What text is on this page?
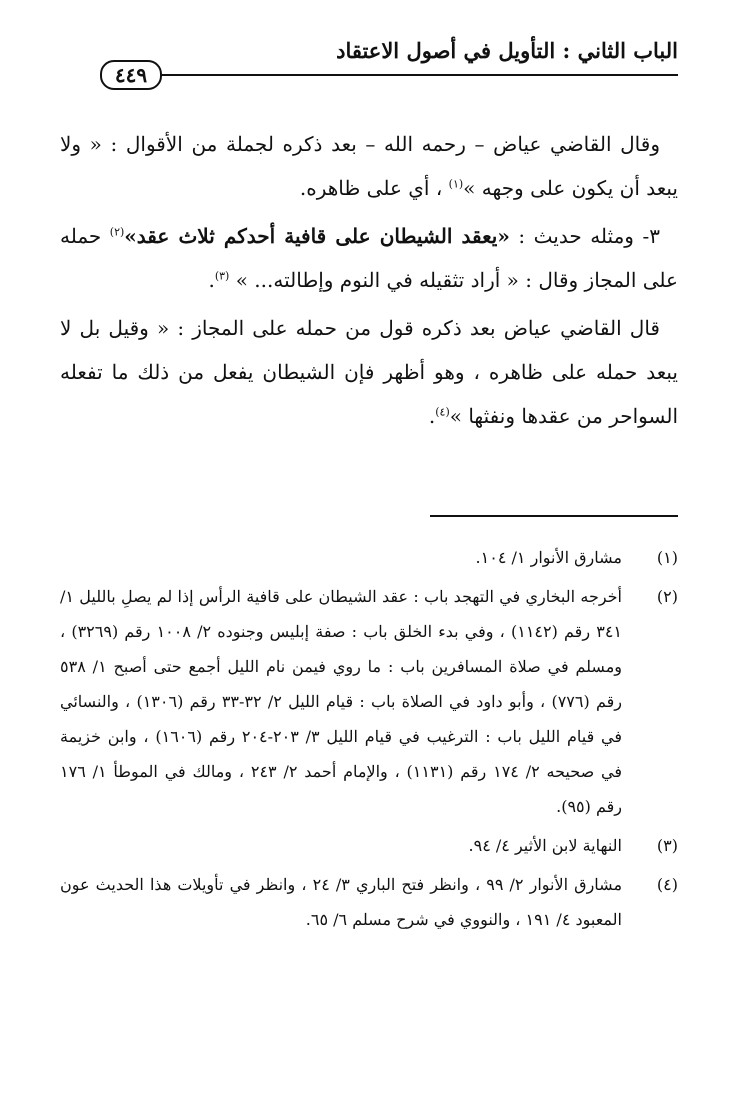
الباب الثاني : التأويل في أصول الاعتقاد
٤٤٩

وقال القاضي عياض – رحمه الله – بعد ذكره لجملة من الأقوال : « ولا يبعد أن يكون على وجهه »$^{(١)}$ ، أي على ظاهره.

٣- ومثله حديث : «يعقد الشيطان على قافية أحدكم ثلاث عقد»$^{(٢)}$ حمله على المجاز وقال : « أراد تثقيله في النوم وإطالته... » $^{(٣)}$.

قال القاضي عياض بعد ذكره قول من حمله على المجاز : « وقيل بل لا يبعد حمله على ظاهره ، وهو أظهر فإن الشيطان يفعل من ذلك ما تفعله السواحر من عقدها ونفثها »$^{(٤)}$.

(١)
مشارق الأنوار ١/ ١٠٤.
(٢)
أخرجه البخاري في التهجد باب : عقد الشيطان على قافية الرأس إذا لم يصلِ بالليل ١/ ٣٤١ رقم (١١٤٢) ، وفي بدء الخلق باب : صفة إبليس وجنوده ٢/ ١٠٠٨ رقم (٣٢٦٩) ، ومسلم في صلاة المسافرين باب : ما روي فيمن نام الليل أجمع حتى أصبح ١/ ٥٣٨ رقم (٧٧٦) ، وأبو داود في الصلاة باب : قيام الليل ٢/ ٣٢-٣٣ رقم (١٣٠٦) ، والنسائي في قيام الليل باب : الترغيب في قيام الليل ٣/ ٢٠٣-٢٠٤ رقم (١٦٠٦) ، وابن خزيمة في صحيحه ٢/ ١٧٤ رقم (١١٣١) ، والإمام أحمد ٢/ ٢٤٣ ، ومالك في الموطأ ١/ ١٧٦ رقم (٩٥).
(٣)
النهاية لابن الأثير ٤/ ٩٤.
(٤)
مشارق الأنوار ٢/ ٩٩ ، وانظر فتح الباري ٣/ ٢٤ ، وانظر في تأويلات هذا الحديث عون المعبود ٤/ ١٩١ ، والنووي في شرح مسلم ٦/ ٦٥.
